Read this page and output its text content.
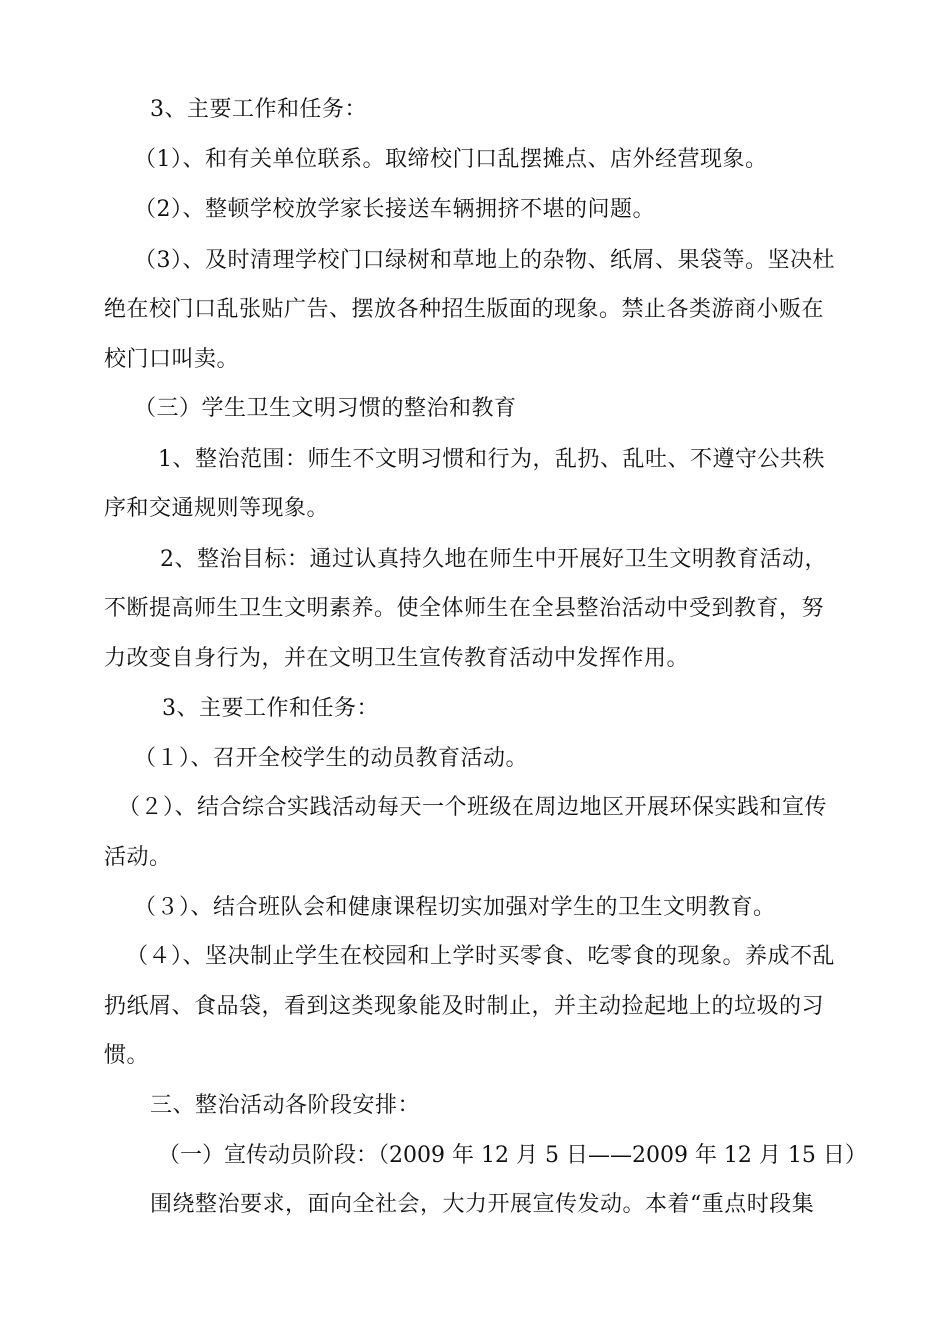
3、主要工作和任务：
（1）、和有关单位联系。取缔校门口乱摆摊点、店外经营现象。
（2）、整顿学校放学家长接送车辆拥挤不堪的问题。
（3）、及时清理学校门口绿树和草地上的杂物、纸屑、果袋等。坚决杜
绝在校门口乱张贴广告、摆放各种招生版面的现象。禁止各类游商小贩在
校门口叫卖。
（三）学生卫生文明习惯的整治和教育
1、整治范围：师生不文明习惯和行为，乱扔、乱吐、不遵守公共秩
序和交通规则等现象。
2、整治目标：通过认真持久地在师生中开展好卫生文明教育活动，
不断提高师生卫生文明素养。使全体师生在全县整治活动中受到教育，努
力改变自身行为，并在文明卫生宣传教育活动中发挥作用。
3、主要工作和任务：
（１）、召开全校学生的动员教育活动。
（２）、结合综合实践活动每天一个班级在周边地区开展环保实践和宣传
活动。
（３）、结合班队会和健康课程切实加强对学生的卫生文明教育。
（４）、坚决制止学生在校园和上学时买零食、吃零食的现象。养成不乱
扔纸屑、食品袋，看到这类现象能及时制止，并主动捡起地上的垃圾的习
惯。
三、整治活动各阶段安排：
（一）宣传动员阶段：（2009 年 12 月 5 日——2009 年 12 月 15 日）
围绕整治要求，面向全社会，大力开展宣传发动。本着“重点时段集
